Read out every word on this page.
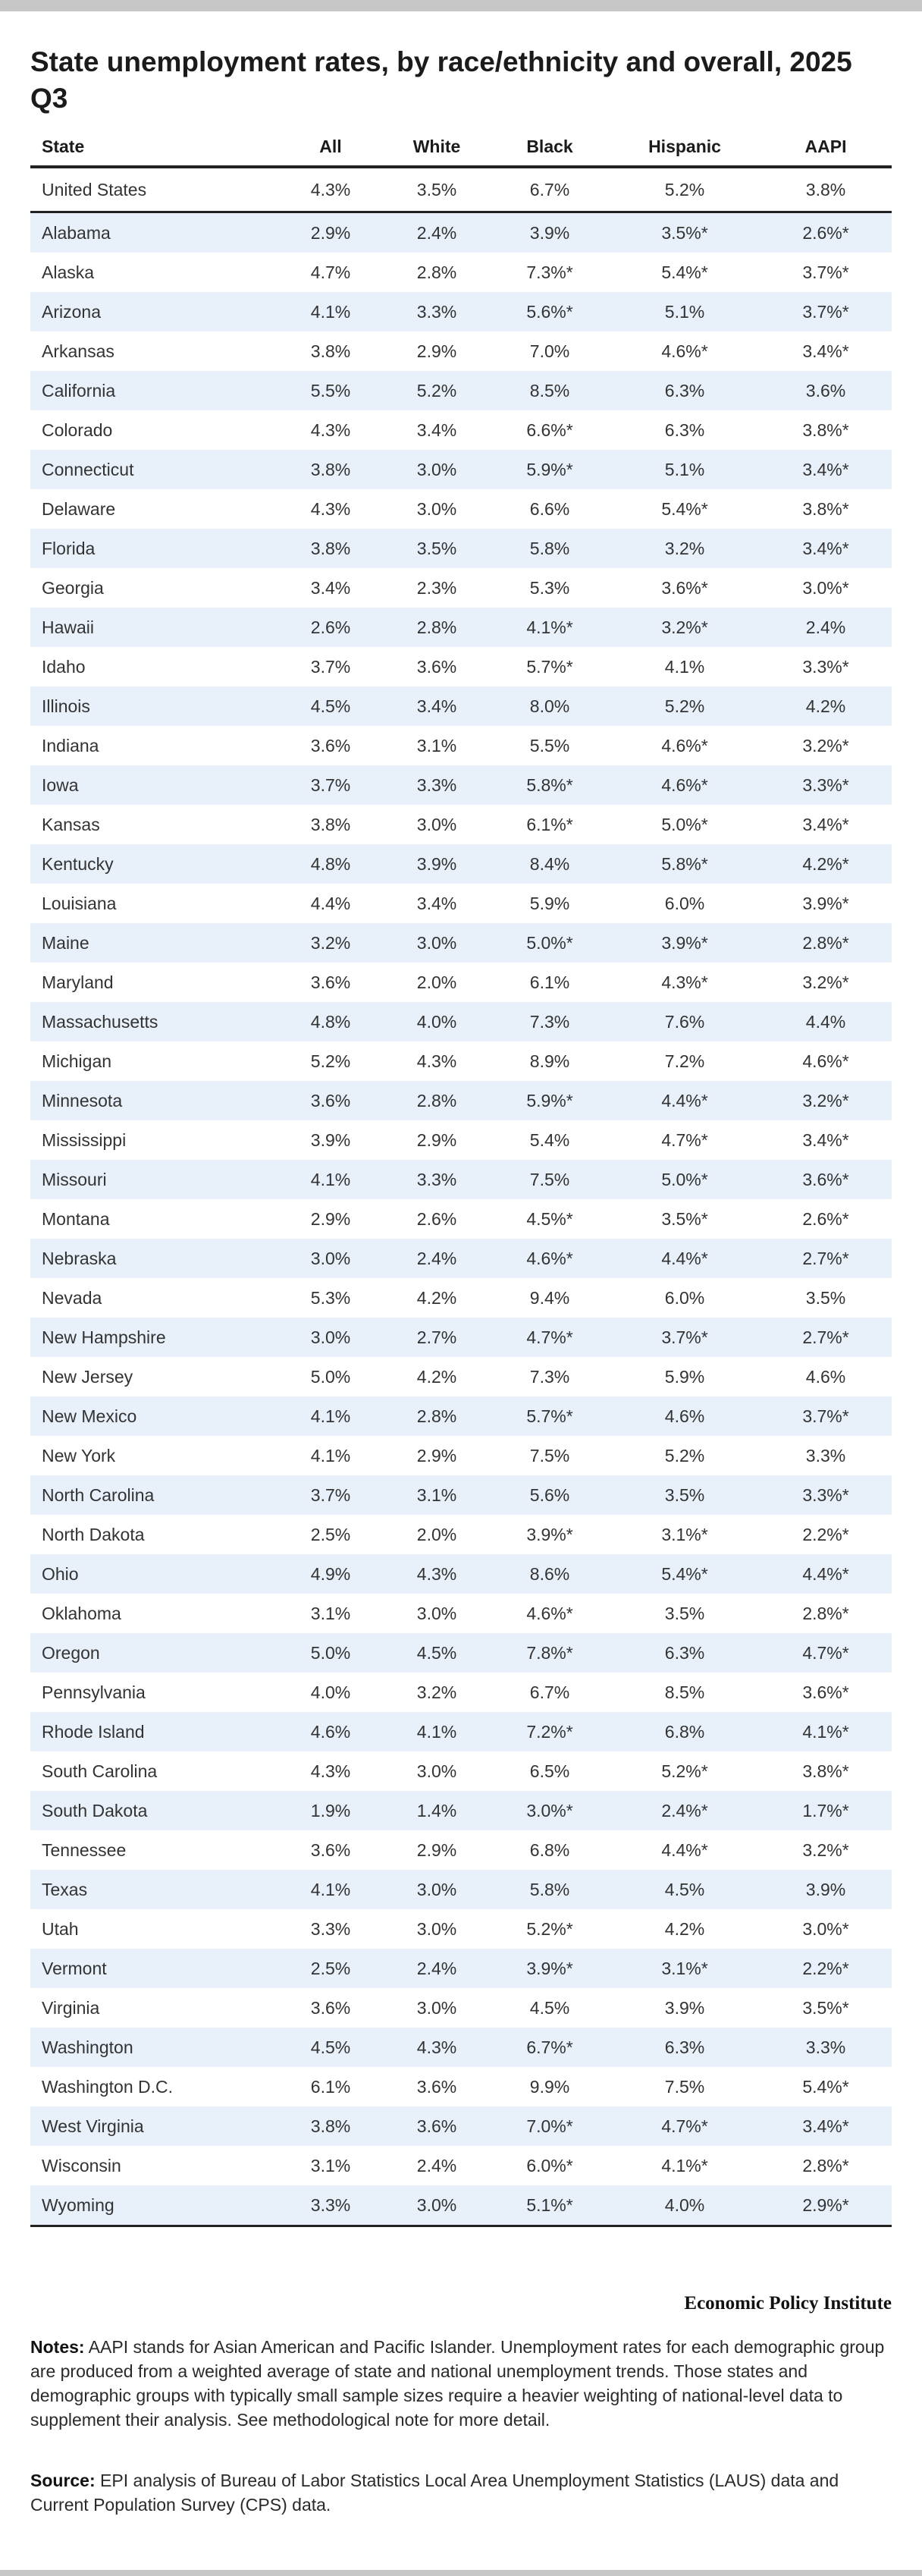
State unemployment rates, by race/ethnicity and overall, 2025 Q3
State	All	White	Black	Hispanic	AAPI
United States	4.3%	3.5%	6.7%	5.2%	3.8%
Alabama	2.9%	2.4%	3.9%	3.5%*	2.6%*
Alaska	4.7%	2.8%	7.3%*	5.4%*	3.7%*
Arizona	4.1%	3.3%	5.6%*	5.1%	3.7%*
Arkansas	3.8%	2.9%	7.0%	4.6%*	3.4%*
California	5.5%	5.2%	8.5%	6.3%	3.6%
Colorado	4.3%	3.4%	6.6%*	6.3%	3.8%*
Connecticut	3.8%	3.0%	5.9%*	5.1%	3.4%*
Delaware	4.3%	3.0%	6.6%	5.4%*	3.8%*
Florida	3.8%	3.5%	5.8%	3.2%	3.4%*
Georgia	3.4%	2.3%	5.3%	3.6%*	3.0%*
Hawaii	2.6%	2.8%	4.1%*	3.2%*	2.4%
Idaho	3.7%	3.6%	5.7%*	4.1%	3.3%*
Illinois	4.5%	3.4%	8.0%	5.2%	4.2%
Indiana	3.6%	3.1%	5.5%	4.6%*	3.2%*
Iowa	3.7%	3.3%	5.8%*	4.6%*	3.3%*
Kansas	3.8%	3.0%	6.1%*	5.0%*	3.4%*
Kentucky	4.8%	3.9%	8.4%	5.8%*	4.2%*
Louisiana	4.4%	3.4%	5.9%	6.0%	3.9%*
Maine	3.2%	3.0%	5.0%*	3.9%*	2.8%*
Maryland	3.6%	2.0%	6.1%	4.3%*	3.2%*
Massachusetts	4.8%	4.0%	7.3%	7.6%	4.4%
Michigan	5.2%	4.3%	8.9%	7.2%	4.6%*
Minnesota	3.6%	2.8%	5.9%*	4.4%*	3.2%*
Mississippi	3.9%	2.9%	5.4%	4.7%*	3.4%*
Missouri	4.1%	3.3%	7.5%	5.0%*	3.6%*
Montana	2.9%	2.6%	4.5%*	3.5%*	2.6%*
Nebraska	3.0%	2.4%	4.6%*	4.4%*	2.7%*
Nevada	5.3%	4.2%	9.4%	6.0%	3.5%
New Hampshire	3.0%	2.7%	4.7%*	3.7%*	2.7%*
New Jersey	5.0%	4.2%	7.3%	5.9%	4.6%
New Mexico	4.1%	2.8%	5.7%*	4.6%	3.7%*
New York	4.1%	2.9%	7.5%	5.2%	3.3%
North Carolina	3.7%	3.1%	5.6%	3.5%	3.3%*
North Dakota	2.5%	2.0%	3.9%*	3.1%*	2.2%*
Ohio	4.9%	4.3%	8.6%	5.4%*	4.4%*
Oklahoma	3.1%	3.0%	4.6%*	3.5%	2.8%*
Oregon	5.0%	4.5%	7.8%*	6.3%	4.7%*
Pennsylvania	4.0%	3.2%	6.7%	8.5%	3.6%*
Rhode Island	4.6%	4.1%	7.2%*	6.8%	4.1%*
South Carolina	4.3%	3.0%	6.5%	5.2%*	3.8%*
South Dakota	1.9%	1.4%	3.0%*	2.4%*	1.7%*
Tennessee	3.6%	2.9%	6.8%	4.4%*	3.2%*
Texas	4.1%	3.0%	5.8%	4.5%	3.9%
Utah	3.3%	3.0%	5.2%*	4.2%	3.0%*
Vermont	2.5%	2.4%	3.9%*	3.1%*	2.2%*
Virginia	3.6%	3.0%	4.5%	3.9%	3.5%*
Washington	4.5%	4.3%	6.7%*	6.3%	3.3%
Washington D.C.	6.1%	3.6%	9.9%	7.5%	5.4%*
West Virginia	3.8%	3.6%	7.0%*	4.7%*	3.4%*
Wisconsin	3.1%	2.4%	6.0%*	4.1%*	2.8%*
Wyoming	3.3%	3.0%	5.1%*	4.0%	2.9%*
Economic Policy Institute

Notes: AAPI stands for Asian American and Pacific Islander. Unemployment rates for each demographic group are produced from a weighted average of state and national unemployment trends. Those states and demographic groups with typically small sample sizes require a heavier weighting of national-level data to supplement their analysis. See methodological note for more detail.

Source: EPI analysis of Bureau of Labor Statistics Local Area Unemployment Statistics (LAUS) data and Current Population Survey (CPS) data.
